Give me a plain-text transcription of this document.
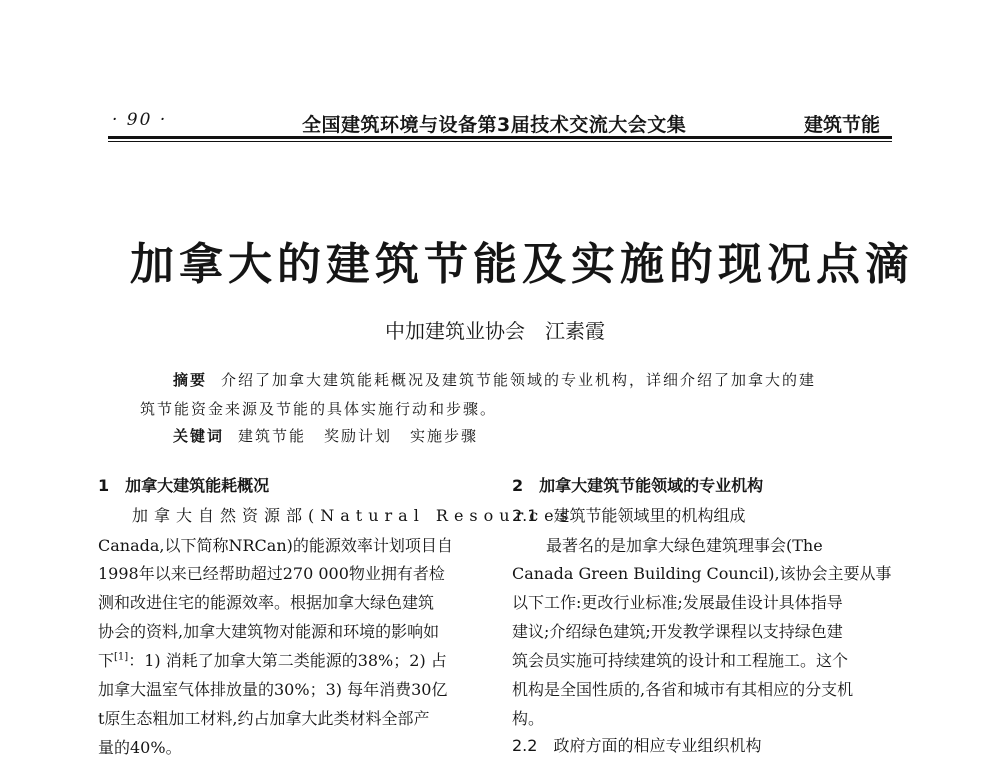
· 90 ·	全国建筑环境与设备第3届技术交流大会文集	建筑节能
加拿大的建筑节能及实施的现况点滴
中加建筑业协会　江素霞
摘要 介绍了加拿大建筑能耗概况及建筑节能领域的专业机构，详细介绍了加拿大的建
筑节能资金来源及节能的具体实施行动和步骤。
关键词 建筑节能 奖励计划 实施步骤
1　加拿大建筑能耗概况
加拿大自然资源部(Natural Resources
Canada,以下简称NRCan)的能源效率计划项目自
1998年以来已经帮助超过270 000物业拥有者检
测和改进住宅的能源效率。根据加拿大绿色建筑
协会的资料,加拿大建筑物对能源和环境的影响如
下[1]：1) 消耗了加拿大第二类能源的38%；2) 占
加拿大温室气体排放量的30%；3) 每年消费30亿
t原生态粗加工材料,约占加拿大此类材料全部产
量的40%。
2　加拿大建筑节能领域的专业机构
2.1　建筑节能领域里的机构组成
最著名的是加拿大绿色建筑理事会(The
Canada Green Building Council),该协会主要从事
以下工作:更改行业标准;发展最佳设计具体指导
建议;介绍绿色建筑;开发教学课程以支持绿色建
筑会员实施可持续建筑的设计和工程施工。这个
机构是全国性质的,各省和城市有其相应的分支机
构。
2.2　政府方面的相应专业组织机构
